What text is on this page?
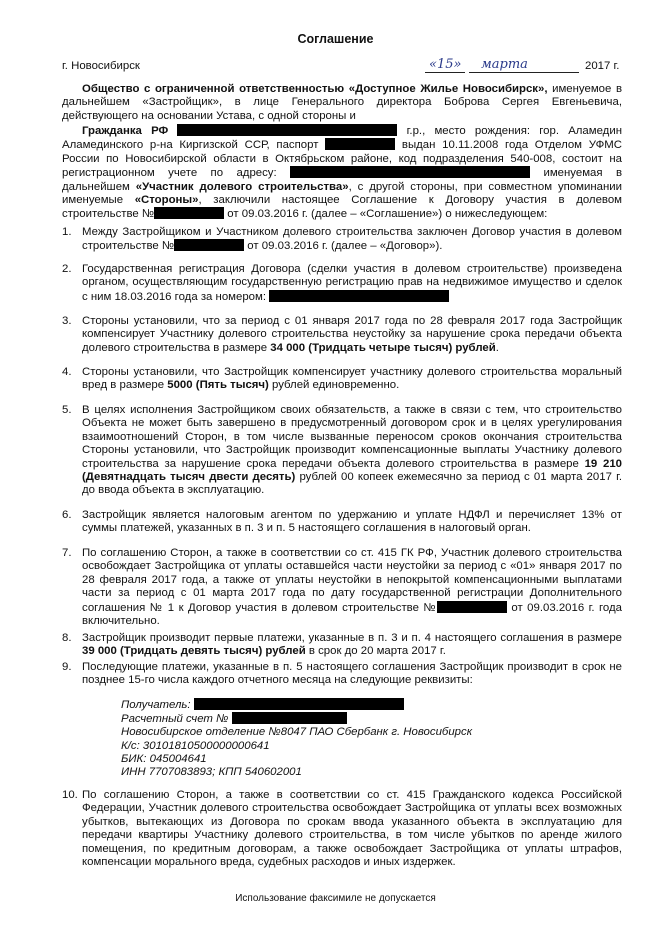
Соглашение
г. Новосибирск	«15» марта	2017 г.
Общество с ограниченной ответственностью «Доступное Жилье Новосибирск», именуемое в дальнейшем «Застройщик», в лице Генерального директора Боброва Сергея Евгеньевича, действующего на основании Устава, с одной стороны и
Гражданка РФ	г.р., место рождения: гор. Аламедин Аламединского р-на Киргизской ССР, паспорт	выдан 10.11.2008 года Отделом УФМС России по Новосибирской области в Октябрьском районе, код подразделения 540-008, состоит на регистрационном учете по адресу:	именуемая в дальнейшем «Участник долевого строительства», с другой стороны, при совместном упоминании именуемые «Стороны», заключили настоящее Соглашение к Договору участия в долевом строительстве №	от 09.03.2016 г. (далее – «Соглашение») о нижеследующем:
1. Между Застройщиком и Участником долевого строительства заключен Договор участия в долевом строительстве №	от 09.03.2016 г. (далее – «Договор»).
2. Государственная регистрация Договора (сделки участия в долевом строительстве) произведена органом, осуществляющим государственную регистрацию прав на недвижимое имущество и сделок с ним 18.03.2016 года за номером:
3. Стороны установили, что за период с 01 января 2017 года по 28 февраля 2017 года Застройщик компенсирует Участнику долевого строительства неустойку за нарушение срока передачи объекта долевого строительства в размере 34 000 (Тридцать четыре тысяч) рублей.
4. Стороны установили, что Застройщик компенсирует участнику долевого строительства моральный вред в размере 5000 (Пять тысяч) рублей единовременно.
5. В целях исполнения Застройщиком своих обязательств, а также в связи с тем, что строительство Объекта не может быть завершено в предусмотренный договором срок и в целях урегулирования взаимоотношений Сторон, в том числе вызванные переносом сроков окончания строительства Стороны установили, что Застройщик производит компенсационные выплаты Участнику долевого строительства за нарушение срока передачи объекта долевого строительства в размере 19 210 (Девятнадцать тысяч двести десять) рублей 00 копеек ежемесячно за период с 01 марта 2017 г. до ввода объекта в эксплуатацию.
6. Застройщик является налоговым агентом по удержанию и уплате НДФЛ и перечисляет 13% от суммы платежей, указанных в п. 3 и п. 5 настоящего соглашения в налоговый орган.
7. По соглашению Сторон, а также в соответствии со ст. 415 ГК РФ, Участник долевого строительства освобождает Застройщика от уплаты оставшейся части неустойки за период с «01» января 2017 по 28 февраля 2017 года, а также от уплаты неустойки в непокрытой компенсационными выплатами части за период с 01 марта 2017 года по дату государственной регистрации Дополнительного соглашения № 1 к Договор участия в долевом строительстве №	от 09.03.2016 г. года включительно.
8. Застройщик производит первые платежи, указанные в п. 3 и п. 4 настоящего соглашения в размере 39 000 (Тридцать девять тысяч) рублей в срок до 20 марта 2017 г.
9. Последующие платежи, указанные в п. 5 настоящего соглашения Застройщик производит в срок не позднее 15-го числа каждого отчетного месяца на следующие реквизиты:
Получатель:
Расчетный счет №
Новосибирское отделение №8047 ПАО Сбербанк г. Новосибирск
К/с: 30101810500000000641
БИК: 045004641
ИНН 7707083893; КПП 540602001
10. По соглашению Сторон, а также в соответствии со ст. 415 Гражданского кодекса Российской Федерации, Участник долевого строительства освобождает Застройщика от уплаты всех возможных убытков, вытекающих из Договора по срокам ввода указанного объекта в эксплуатацию для передачи квартиры Участнику долевого строительства, в том числе убытков по аренде жилого помещения, по кредитным договорам, а также освобождает Застройщика от уплаты штрафов, компенсации морального вреда, судебных расходов и иных издержек.
Использование факсимиле не допускается
